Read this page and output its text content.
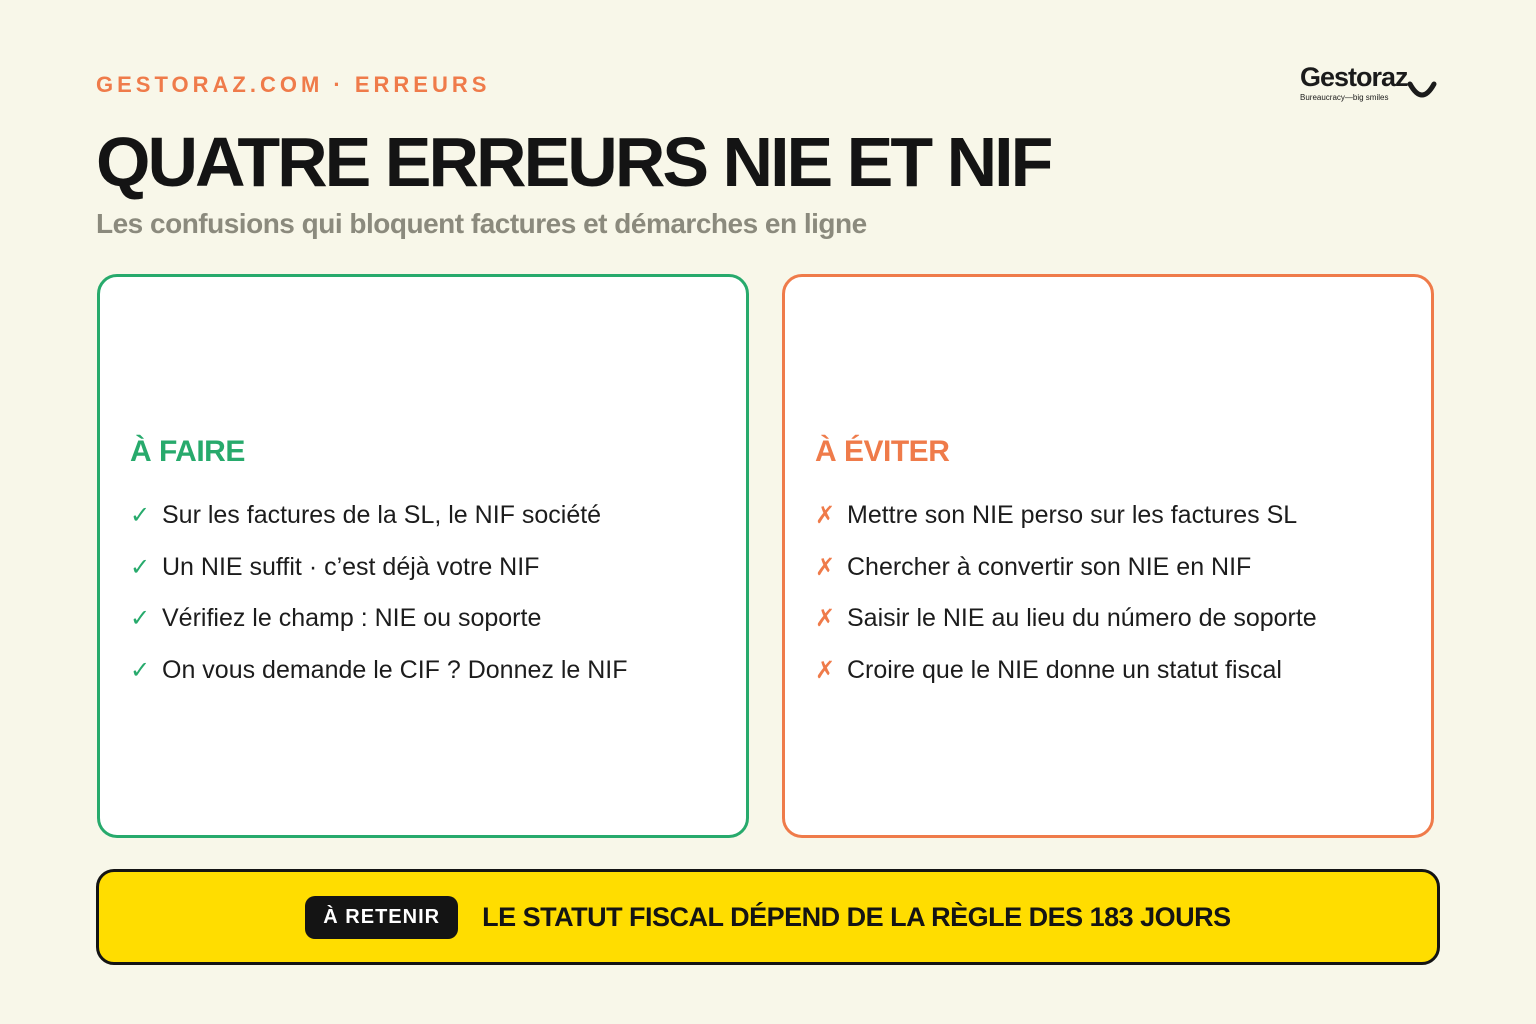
GESTORAZ.COM · ERREURS	Gestoraz
Bureaucracy—big smiles
QUATRE ERREURS NIE ET NIF
Les confusions qui bloquent factures et démarches en ligne
À FAIRE
✓ Sur les factures de la SL, le NIF société
✓ Un NIE suffit · c’est déjà votre NIF
✓ Vérifiez le champ : NIE ou soporte
✓ On vous demande le CIF ? Donnez le NIF
À ÉVITER
✗ Mettre son NIE perso sur les factures SL
✗ Chercher à convertir son NIE en NIF
✗ Saisir le NIE au lieu du número de soporte
✗ Croire que le NIE donne un statut fiscal
À RETENIR	LE STATUT FISCAL DÉPEND DE LA RÈGLE DES 183 JOURS
